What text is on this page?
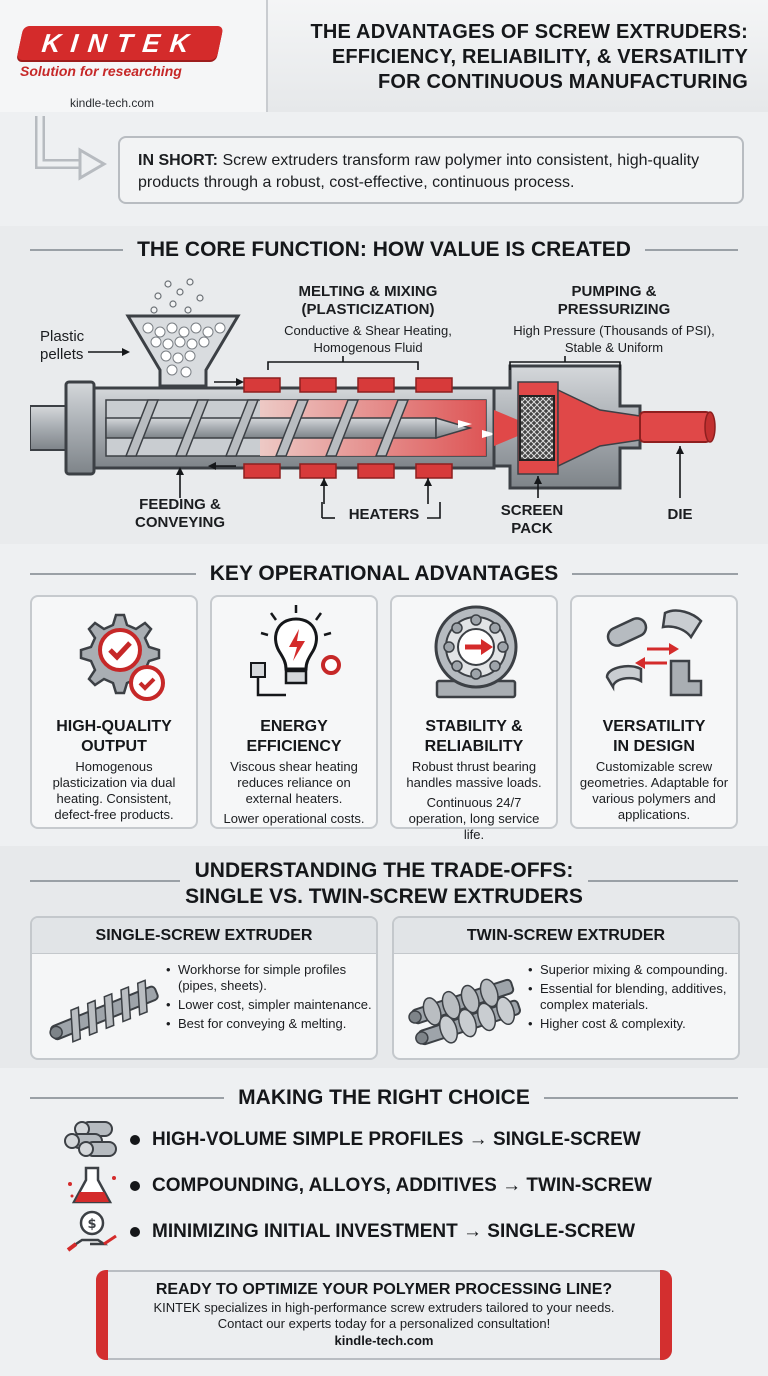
KINTEK
Solution for researching
kindle-tech.com
THE ADVANTAGES OF SCREW EXTRUDERS:
EFFICIENCY, RELIABILITY, & VERSATILITY
FOR CONTINUOUS MANUFACTURING
IN SHORT: Screw extruders transform raw polymer into consistent, high-quality products through a robust, cost-effective, continuous process.
THE CORE FUNCTION: HOW VALUE IS CREATED
Plastic
pellets
MELTING & MIXING
(PLASTICIZATION)
Conductive & Shear Heating,
Homogenous Fluid
PUMPING &
PRESSURIZING
High Pressure (Thousands of PSI),
Stable & Uniform
FEEDING &
CONVEYING	HEATERS	SCREEN
PACK
DIE
KEY OPERATIONAL ADVANTAGES
HIGH-QUALITY
OUTPUT

Homogenous plasticization via dual heating. Consistent, defect-free products.

ENERGY
EFFICIENCY

Viscous shear heating reduces reliance on external heaters.

Lower operational costs.

STABILITY &
RELIABILITY

Robust thrust bearing handles massive loads.

Continuous 24/7 operation, long service life.

VERSATILITY
IN DESIGN

Customizable screw geometries. Adaptable for various polymers and applications.

UNDERSTANDING THE TRADE-OFFS:
SINGLE VS. TWIN-SCREW EXTRUDERS
SINGLE-SCREW EXTRUDER
• Workhorse for simple profiles (pipes, sheets).
• Lower cost, simpler maintenance.
• Best for conveying & melting.
TWIN-SCREW EXTRUDER
• Superior mixing & compounding.
• Essential for blending, additives, complex materials.
• Higher cost & complexity.
MAKING THE RIGHT CHOICE
HIGH-VOLUME SIMPLE PROFILES → SINGLE-SCREW
COMPOUNDING, ALLOYS, ADDITIVES → TWIN-SCREW
$	MINIMIZING INITIAL INVESTMENT → SINGLE-SCREW
READY TO OPTIMIZE YOUR POLYMER PROCESSING LINE?
KINTEK specializes in high-performance screw extruders tailored to your needs.
Contact our experts today for a personalized consultation!
kindle-tech.com
